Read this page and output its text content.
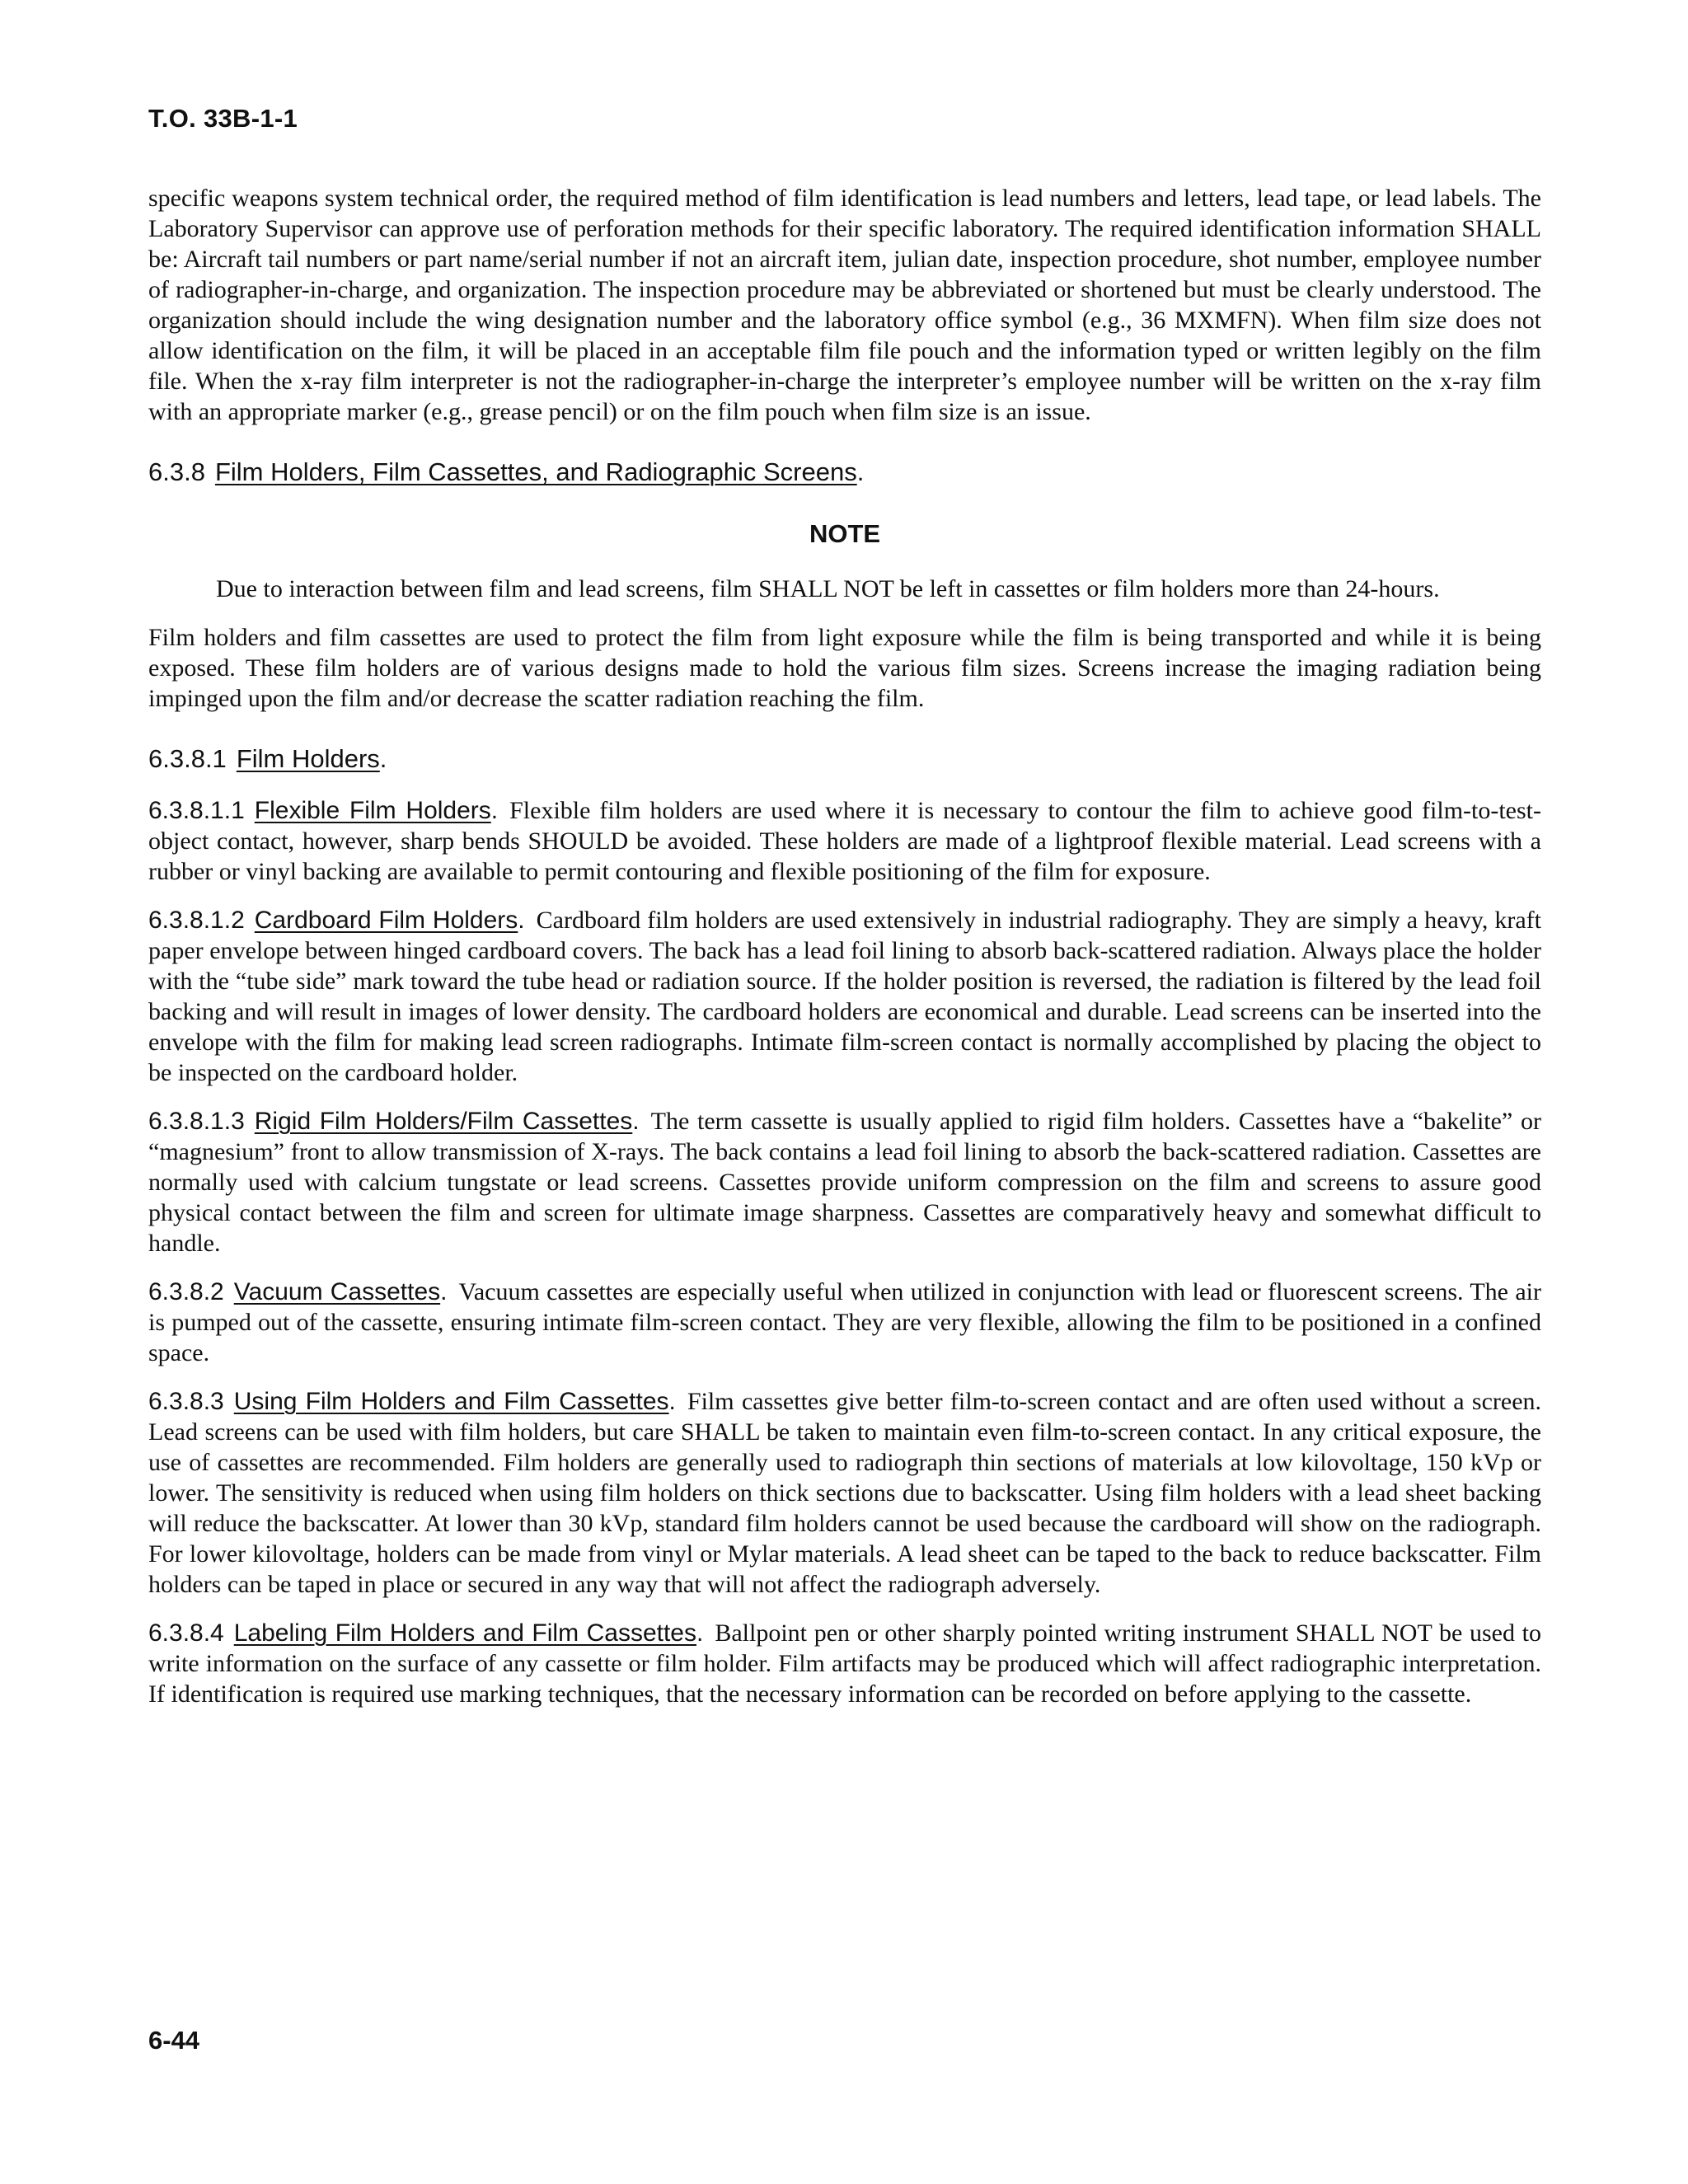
T.O. 33B-1-1

specific weapons system technical order, the required method of film identification is lead numbers and letters, lead tape, or lead labels. The Laboratory Supervisor can approve use of perforation methods for their specific laboratory. The required identification information SHALL be: Aircraft tail numbers or part name/serial number if not an aircraft item, julian date, inspection procedure, shot number, employee number of radiographer-in-charge, and organization. The inspection procedure may be abbreviated or shortened but must be clearly understood. The organization should include the wing designation number and the laboratory office symbol (e.g., 36 MXMFN). When film size does not allow identification on the film, it will be placed in an acceptable film file pouch and the information typed or written legibly on the film file. When the x-ray film interpreter is not the radiographer-in-charge the interpreter’s employee number will be written on the x-ray film with an appropriate marker (e.g., grease pencil) or on the film pouch when film size is an issue.

6.3.8 Film Holders, Film Cassettes, and Radiographic Screens.

NOTE

Due to interaction between film and lead screens, film SHALL NOT be left in cassettes or film holders more than 24-hours.

Film holders and film cassettes are used to protect the film from light exposure while the film is being transported and while it is being exposed. These film holders are of various designs made to hold the various film sizes. Screens increase the imaging radiation being impinged upon the film and/or decrease the scatter radiation reaching the film.

6.3.8.1 Film Holders.

6.3.8.1.1 Flexible Film Holders. Flexible film holders are used where it is necessary to contour the film to achieve good film-to-test-object contact, however, sharp bends SHOULD be avoided. These holders are made of a lightproof flexible material. Lead screens with a rubber or vinyl backing are available to permit contouring and flexible positioning of the film for exposure.

6.3.8.1.2 Cardboard Film Holders. Cardboard film holders are used extensively in industrial radiography. They are simply a heavy, kraft paper envelope between hinged cardboard covers. The back has a lead foil lining to absorb back-scattered radiation. Always place the holder with the “tube side” mark toward the tube head or radiation source. If the holder position is reversed, the radiation is filtered by the lead foil backing and will result in images of lower density. The cardboard holders are economical and durable. Lead screens can be inserted into the envelope with the film for making lead screen radiographs. Intimate film-screen contact is normally accomplished by placing the object to be inspected on the cardboard holder.

6.3.8.1.3 Rigid Film Holders/Film Cassettes. The term cassette is usually applied to rigid film holders. Cassettes have a “bakelite” or “magnesium” front to allow transmission of X-rays. The back contains a lead foil lining to absorb the back-scattered radiation. Cassettes are normally used with calcium tungstate or lead screens. Cassettes provide uniform compression on the film and screens to assure good physical contact between the film and screen for ultimate image sharpness. Cassettes are comparatively heavy and somewhat difficult to handle.

6.3.8.2 Vacuum Cassettes. Vacuum cassettes are especially useful when utilized in conjunction with lead or fluorescent screens. The air is pumped out of the cassette, ensuring intimate film-screen contact. They are very flexible, allowing the film to be positioned in a confined space.

6.3.8.3 Using Film Holders and Film Cassettes. Film cassettes give better film-to-screen contact and are often used without a screen. Lead screens can be used with film holders, but care SHALL be taken to maintain even film-to-screen contact. In any critical exposure, the use of cassettes are recommended. Film holders are generally used to radiograph thin sections of materials at low kilovoltage, 150 kVp or lower. The sensitivity is reduced when using film holders on thick sections due to backscatter. Using film holders with a lead sheet backing will reduce the backscatter. At lower than 30 kVp, standard film holders cannot be used because the cardboard will show on the radiograph. For lower kilovoltage, holders can be made from vinyl or Mylar materials. A lead sheet can be taped to the back to reduce backscatter. Film holders can be taped in place or secured in any way that will not affect the radiograph adversely.

6.3.8.4 Labeling Film Holders and Film Cassettes. Ballpoint pen or other sharply pointed writing instrument SHALL NOT be used to write information on the surface of any cassette or film holder. Film artifacts may be produced which will affect radiographic interpretation. If identification is required use marking techniques, that the necessary information can be recorded on before applying to the cassette.

6-44
